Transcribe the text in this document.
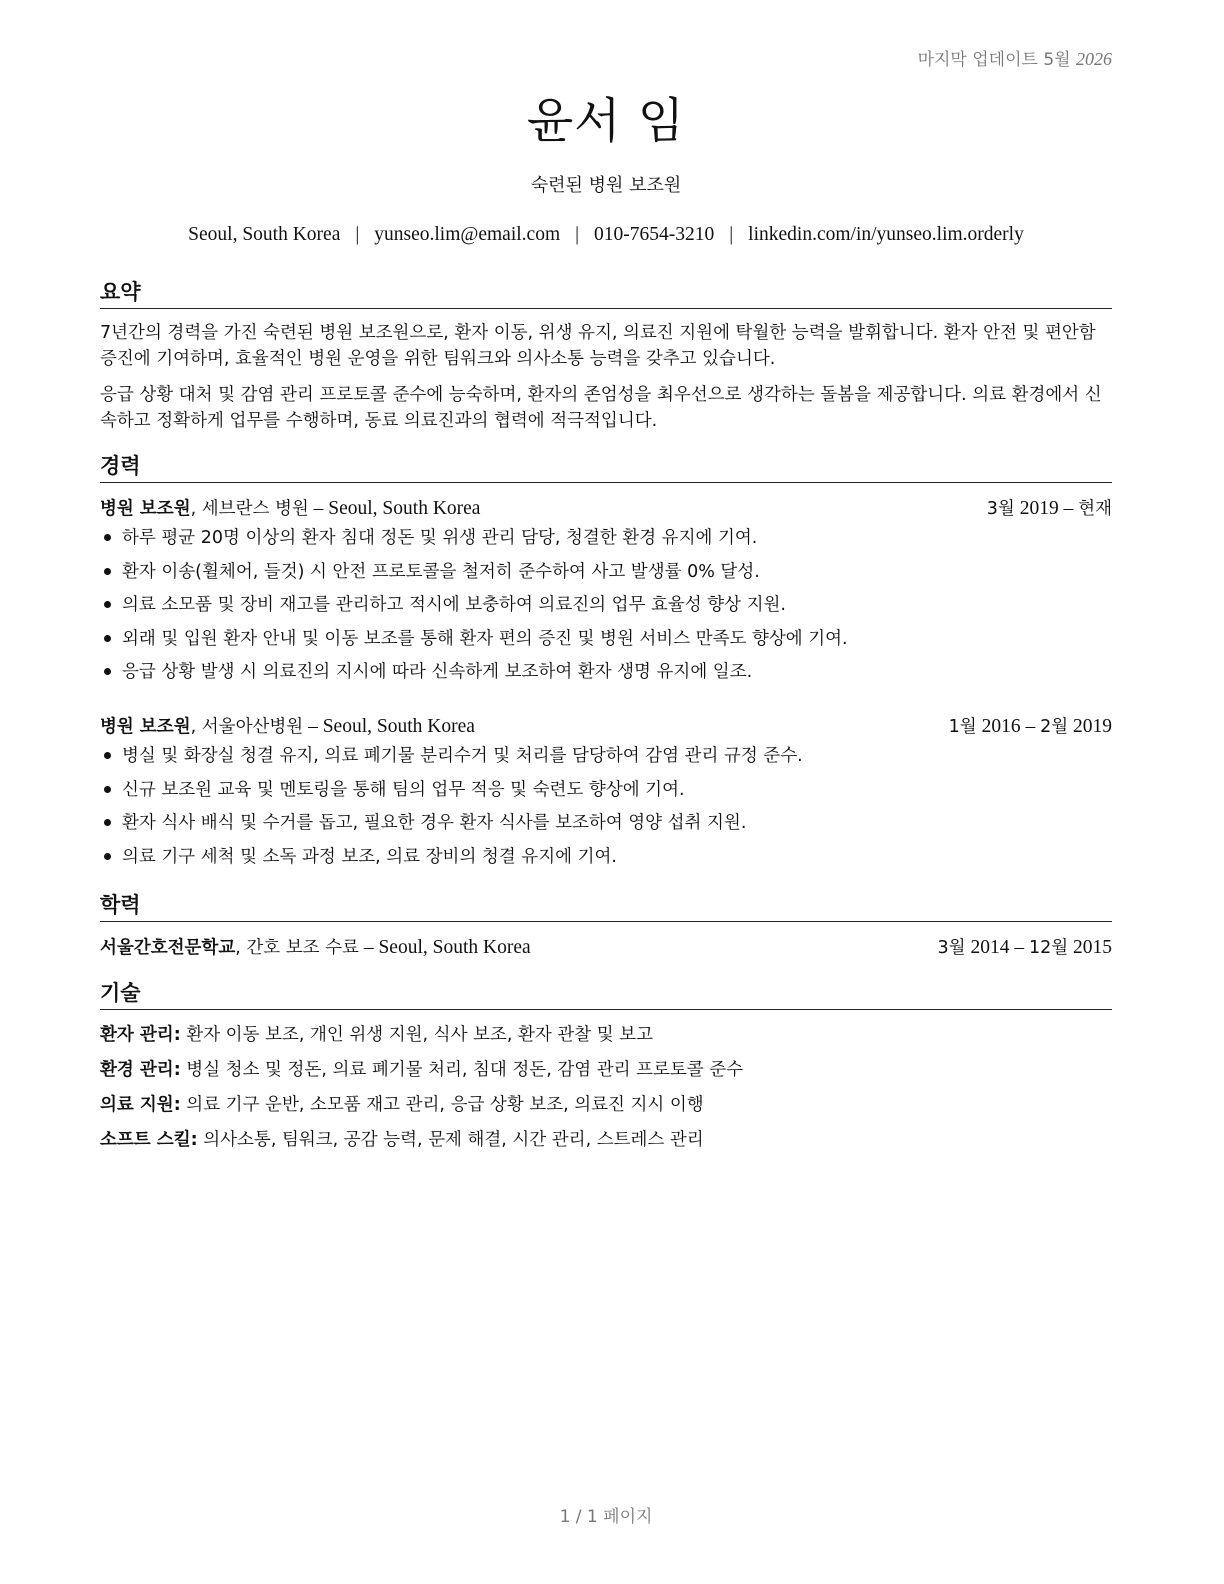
마지막 업데이트 5월 2026
윤서 임
숙련된 병원 보조원
Seoul, South Korea | yunseo.lim@email.com | 010-7654-3210 | linkedin.com/in/yunseo.lim.orderly
요약
7년간의 경력을 가진 숙련된 병원 보조원으로, 환자 이동, 위생 유지, 의료진 지원에 탁월한 능력을 발휘합니다. 환자 안전 및 편안함 증진에 기여하며, 효율적인 병원 운영을 위한 팀워크와 의사소통 능력을 갖추고 있습니다.
응급 상황 대처 및 감염 관리 프로토콜 준수에 능숙하며, 환자의 존엄성을 최우선으로 생각하는 돌봄을 제공합니다. 의료 환경에서 신속하고 정확하게 업무를 수행하며, 동료 의료진과의 협력에 적극적입니다.
경력
병원 보조원, 세브란스 병원 – Seoul, South Korea	3월 2019 – 현재
하루 평균 20명 이상의 환자 침대 정돈 및 위생 관리 담당, 청결한 환경 유지에 기여.
환자 이송(휠체어, 들것) 시 안전 프로토콜을 철저히 준수하여 사고 발생률 0% 달성.
의료 소모품 및 장비 재고를 관리하고 적시에 보충하여 의료진의 업무 효율성 향상 지원.
외래 및 입원 환자 안내 및 이동 보조를 통해 환자 편의 증진 및 병원 서비스 만족도 향상에 기여.
응급 상황 발생 시 의료진의 지시에 따라 신속하게 보조하여 환자 생명 유지에 일조.
병원 보조원, 서울아산병원 – Seoul, South Korea	1월 2016 – 2월 2019
병실 및 화장실 청결 유지, 의료 폐기물 분리수거 및 처리를 담당하여 감염 관리 규정 준수.
신규 보조원 교육 및 멘토링을 통해 팀의 업무 적응 및 숙련도 향상에 기여.
환자 식사 배식 및 수거를 돕고, 필요한 경우 환자 식사를 보조하여 영양 섭취 지원.
의료 기구 세척 및 소독 과정 보조, 의료 장비의 청결 유지에 기여.
학력
서울간호전문학교, 간호 보조 수료 – Seoul, South Korea	3월 2014 – 12월 2015
기술
환자 관리: 환자 이동 보조, 개인 위생 지원, 식사 보조, 환자 관찰 및 보고
환경 관리: 병실 청소 및 정돈, 의료 폐기물 처리, 침대 정돈, 감염 관리 프로토콜 준수
의료 지원: 의료 기구 운반, 소모품 재고 관리, 응급 상황 보조, 의료진 지시 이행
소프트 스킬: 의사소통, 팀워크, 공감 능력, 문제 해결, 시간 관리, 스트레스 관리
1 / 1 페이지
